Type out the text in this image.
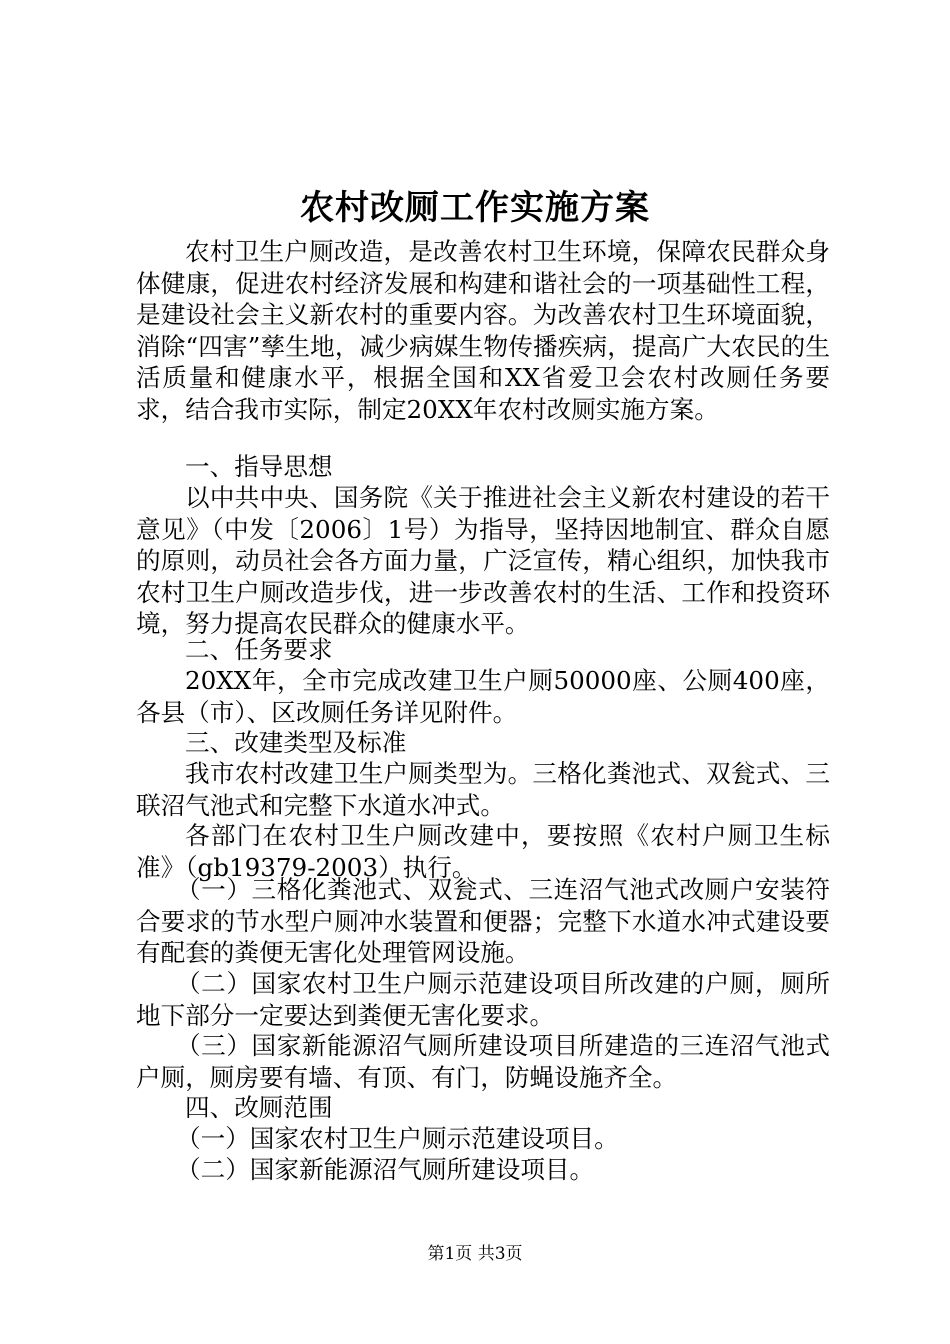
农村改厕工作实施方案

农村卫生户厕改造，是改善农村卫生环境，保障农民群众身体健康，促进农村经济发展和构建和谐社会的一项基础性工程，是建设社会主义新农村的重要内容。为改善农村卫生环境面貌，消除“四害”孳生地，减少病媒生物传播疾病，提高广大农民的生活质量和健康水平，根据全国和XX省爱卫会农村改厕任务要求，结合我市实际，制定20XX年农村改厕实施方案。

一、指导思想

以中共中央、国务院《关于推进社会主义新农村建设的若干意见》（中发〔2006〕1号）为指导，坚持因地制宜、群众自愿的原则，动员社会各方面力量，广泛宣传，精心组织，加快我市农村卫生户厕改造步伐，进一步改善农村的生活、工作和投资环境，努力提高农民群众的健康水平。

二、任务要求

20XX年，全市完成改建卫生户厕50000座、公厕400座，各县（市）、区改厕任务详见附件。

三、改建类型及标准

我市农村改建卫生户厕类型为。三格化粪池式、双瓮式、三联沼气池式和完整下水道水冲式。

各部门在农村卫生户厕改建中，要按照《农村户厕卫生标准》（gb19379-2003）执行。

（一）三格化粪池式、双瓮式、三连沼气池式改厕户安装符合要求的节水型户厕冲水装置和便器；完整下水道水冲式建设要有配套的粪便无害化处理管网设施。

（二）国家农村卫生户厕示范建设项目所改建的户厕，厕所地下部分一定要达到粪便无害化要求。

（三）国家新能源沼气厕所建设项目所建造的三连沼气池式户厕，厕房要有墙、有顶、有门，防蝇设施齐全。

四、改厕范围

（一）国家农村卫生户厕示范建设项目。

（二）国家新能源沼气厕所建设项目。

第1页 共3页
